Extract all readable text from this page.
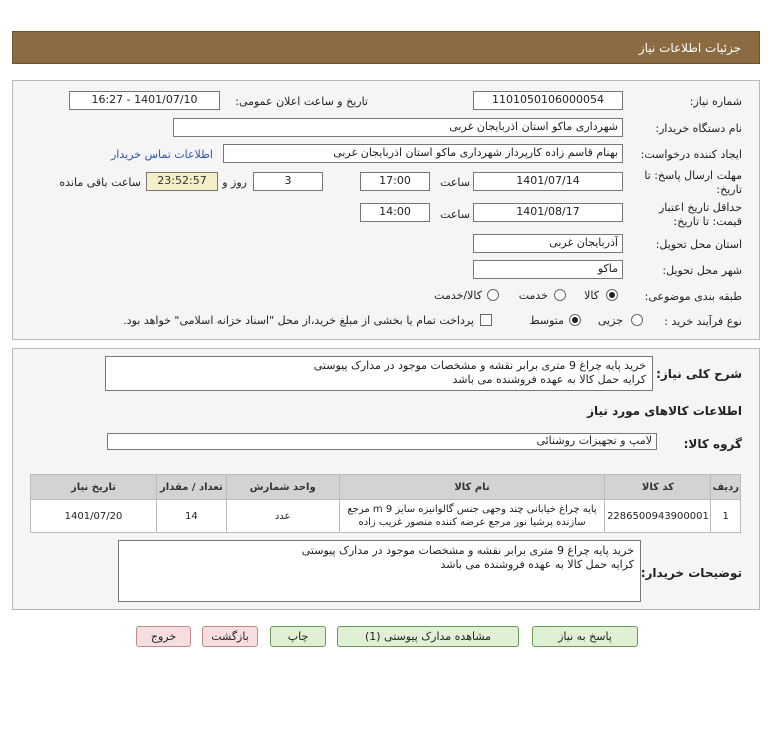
جزئیات اطلاعات نیاز
شماره نیاز:
1101050106000054
تاریخ و ساعت اعلان عمومی:
1401/07/10 - 16:27
نام دستگاه خریدار:
شهرداری ماکو استان اذربایجان غربی
ایجاد کننده درخواست:
بهنام قاسم زاده کارپرداز شهرداری ماکو استان اذربایجان غربی
اطلاعات تماس خریدار
مهلت ارسال پاسخ: تا
تاریخ:
1401/07/14
ساعت
17:00
3
روز و
23:52:57
ساعت باقی مانده
حداقل تاریخ اعتبار
قیمت: تا تاریخ:
1401/08/17
ساعت
14:00
استان محل تحویل:
آذربایجان غربی
شهر محل تحویل:
ماکو
طبقه بندی موضوعی:
کالا
خدمت
کالا/خدمت
نوع فرآیند خرید :
جزیی
متوسط
پرداخت تمام یا بخشی از مبلغ خرید،از محل "اسناد خزانه اسلامی" خواهد بود.
شرح کلی نیاز:
خرید پایه چراغ 9 متری برابر نقشه و مشخصات موجود در مدارک پیوستی
کرایه حمل کالا به عهده فروشنده می باشد
اطلاعات کالاهای مورد نیاز
گروه کالا:
لامپ و تجهیزات روشنائی
ردیف	کد کالا	نام کالا	واحد شمارش	تعداد / مقدار	تاریخ نیاز
1	2286500943900001	پایه چراغ خیابانی چند وجهی جنس گالوانیزه سایز m 9 مرجع
سازنده پرشیا نور مرجع عرضه کننده منصور غریب زاده	عدد	14	1401/07/20
توضیحات خریدار:
خرید پایه چراغ 9 متری برابر نقشه و مشخصات موجود در مدارک پیوستی
کرایه حمل کالا به عهده فروشنده می باشد
پاسخ به نیاز
مشاهده مدارک پیوستی (1)
چاپ
بازگشت
خروج
